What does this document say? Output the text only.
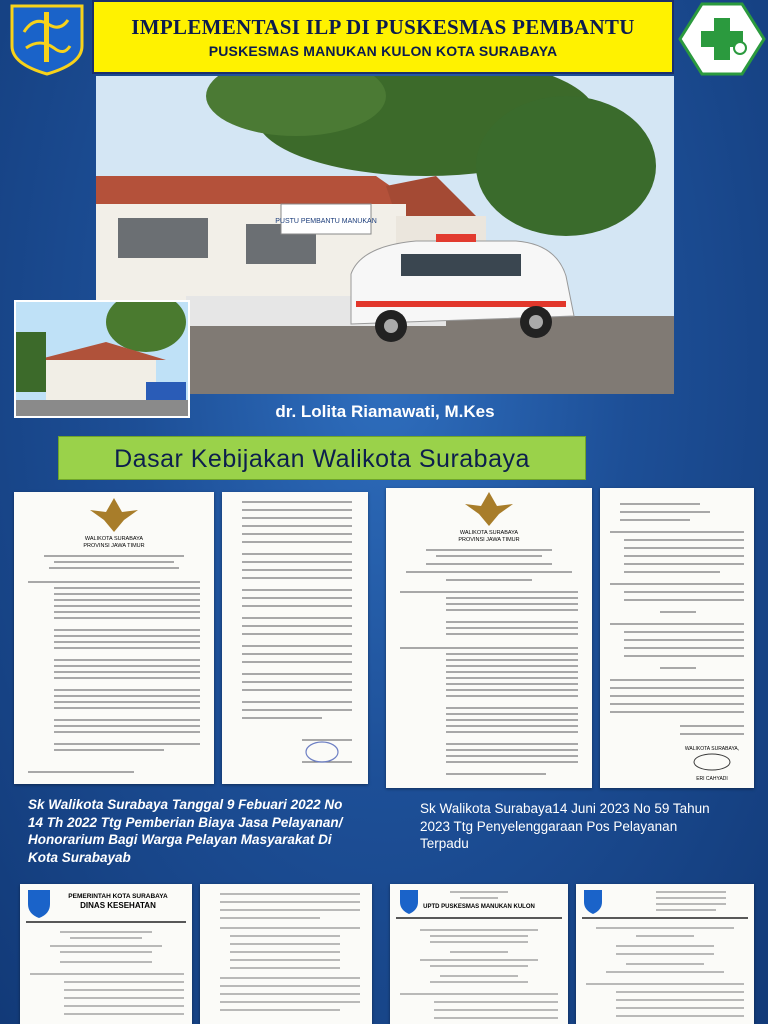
IMPLEMENTASI ILP DI PUSKESMAS PEMBANTU
PUSKESMAS MANUKAN KULON KOTA SURABAYA
PUSTU PEMBANTU MANUKAN
dr. Lolita Riamawati, M.Kes
Dasar Kebijakan Walikota Surabaya
WALIKOTA SURABAYA
PROVINSI JAWA TIMUR
WALIKOTA SURABAYA
PROVINSI JAWA TIMUR
WALIKOTA SURABAYA,
ERI CAHYADI
Sk Walikota Surabaya Tanggal 9 Febuari 2022 No 14 Th 2022 Ttg Pemberian Biaya Jasa Pelayanan/ Honorarium Bagi Warga Pelayan Masyarakat Di Kota Surabayab
Sk Walikota Surabaya14 Juni 2023 No 59 Tahun 2023 Ttg Penyelenggaraan Pos Pelayanan Terpadu
PEMERINTAH KOTA SURABAYA
DINAS KESEHATAN	UPTD PUSKESMAS MANUKAN KULON
